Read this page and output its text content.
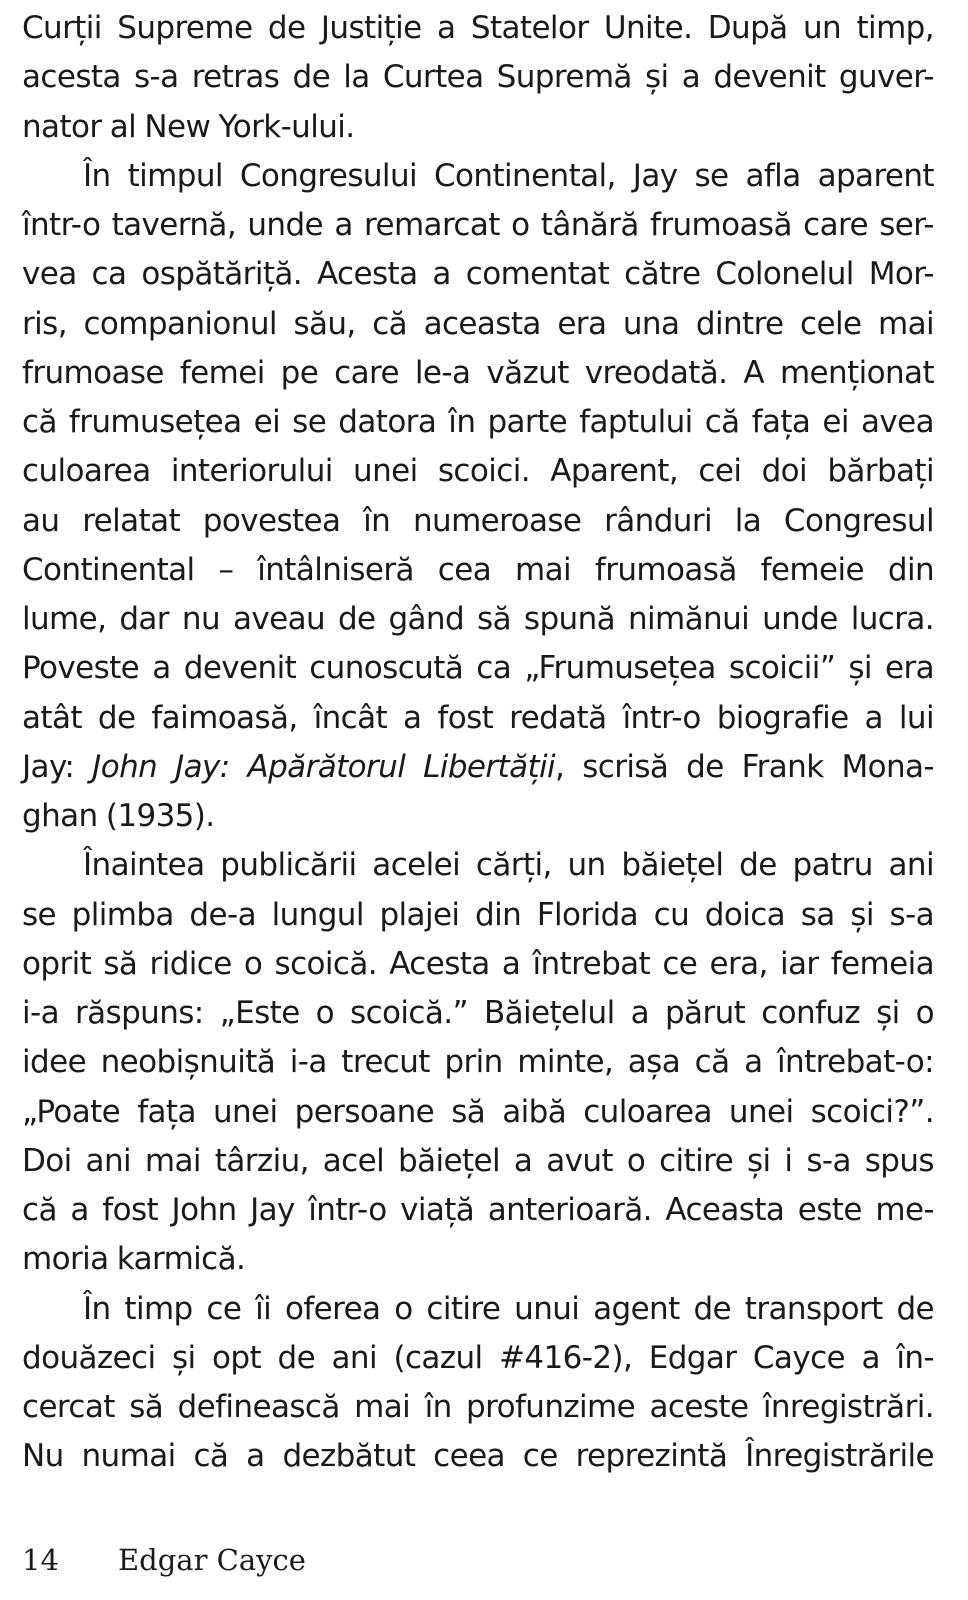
Curții Supreme de Justiție a Statelor Unite. După un timp,
acesta s-a retras de la Curtea Supremă și a devenit guver-
nator al New York-ului.
În timpul Congresului Continental, Jay se afla aparent
într-o tavernă, unde a remarcat o tânără frumoasă care ser-
vea ca ospătăriță. Acesta a comentat către Colonelul Mor-
ris, companionul său, că aceasta era una dintre cele mai
frumoase femei pe care le-a văzut vreodată. A menționat
că frumusețea ei se datora în parte faptului că fața ei avea
culoarea interiorului unei scoici. Aparent, cei doi bărbați
au relatat povestea în numeroase rânduri la Congresul
Continental – întâlniseră cea mai frumoasă femeie din
lume, dar nu aveau de gând să spună nimănui unde lucra.
Poveste a devenit cunoscută ca „Frumusețea scoicii” și era
atât de faimoasă, încât a fost redată într-o biografie a lui
Jay: John Jay: Apărătorul Libertății, scrisă de Frank Mona-
ghan (1935).
Înaintea publicării acelei cărți, un băiețel de patru ani
se plimba de-a lungul plajei din Florida cu doica sa și s-a
oprit să ridice o scoică. Acesta a întrebat ce era, iar femeia
i-a răspuns: „Este o scoică.” Băiețelul a părut confuz și o
idee neobișnuită i-a trecut prin minte, așa că a întrebat-o:
„Poate fața unei persoane să aibă culoarea unei scoici?”.
Doi ani mai târziu, acel băiețel a avut o citire și i s-a spus
că a fost John Jay într-o viață anterioară. Aceasta este me-
moria karmică.
În timp ce îi oferea o citire unui agent de transport de
douăzeci și opt de ani (cazul #416-2), Edgar Cayce a în-
cercat să definească mai în profunzime aceste înregistrări.
Nu numai că a dezbătut ceea ce reprezintă Înregistrările
14	Edgar Cayce
